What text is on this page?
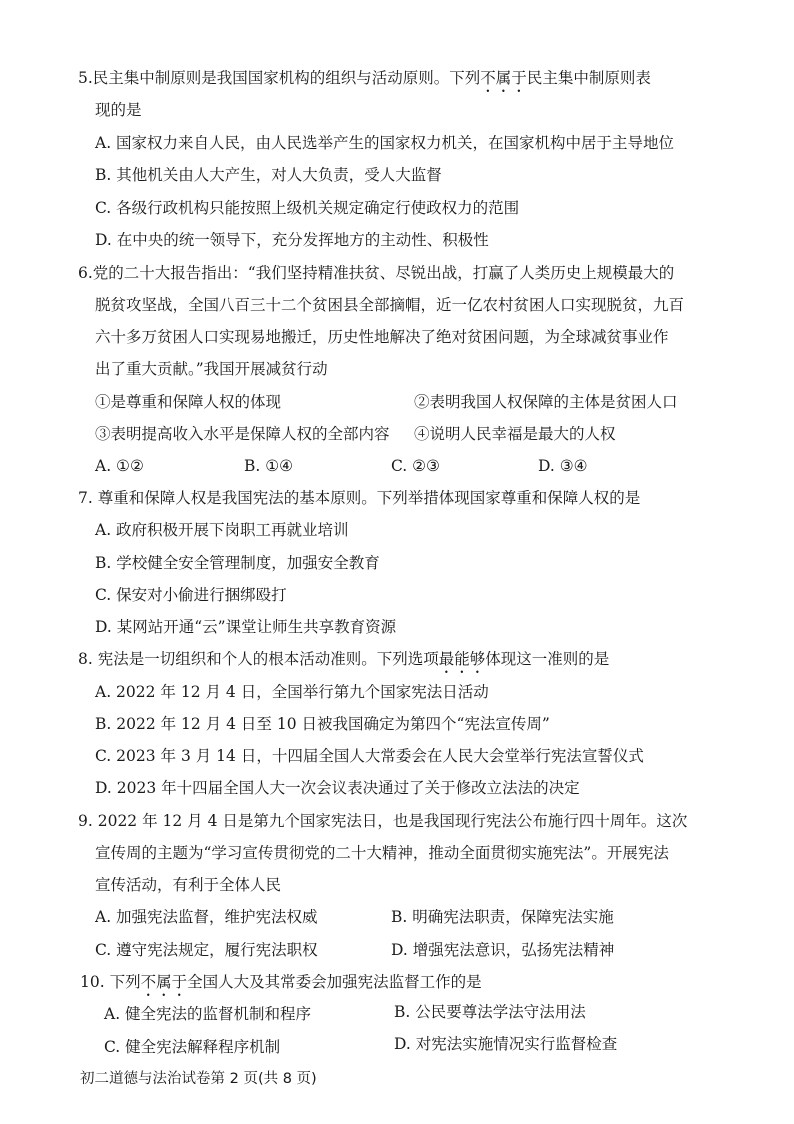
5.民主集中制原则是我国国家机构的组织与活动原则。下列不属于民主集中制原则表
现的是
A. 国家权力来自人民，由人民选举产生的国家权力机关，在国家机构中居于主导地位
B. 其他机关由人大产生，对人大负责，受人大监督
C. 各级行政机构只能按照上级机关规定确定行使政权力的范围
D. 在中央的统一领导下，充分发挥地方的主动性、积极性
6.党的二十大报告指出：“我们坚持精准扶贫、尽锐出战，打赢了人类历史上规模最大的
脱贫攻坚战，全国八百三十二个贫困县全部摘帽，近一亿农村贫困人口实现脱贫，九百
六十多万贫困人口实现易地搬迁，历史性地解决了绝对贫困问题，为全球减贫事业作
出了重大贡献。”我国开展减贫行动
①是尊重和保障人权的体现	②表明我国人权保障的主体是贫困人口
③表明提高收入水平是保障人权的全部内容 ④说明人民幸福是最大的人权
A. ①②	B. ①④	C. ②③	D. ③④
7. 尊重和保障人权是我国宪法的基本原则。下列举措体现国家尊重和保障人权的是
A. 政府积极开展下岗职工再就业培训
B. 学校健全安全管理制度，加强安全教育
C. 保安对小偷进行捆绑殴打
D. 某网站开通“云”课堂让师生共享教育资源
8. 宪法是一切组织和个人的根本活动准则。下列选项最能够体现这一准则的是
A. 2022 年 12 月 4 日，全国举行第九个国家宪法日活动
B. 2022 年 12 月 4 日至 10 日被我国确定为第四个“宪法宣传周”
C. 2023 年 3 月 14 日，十四届全国人大常委会在人民大会堂举行宪法宣誓仪式
D. 2023 年十四届全国人大一次会议表决通过了关于修改立法法的决定
9. 2022 年 12 月 4 日是第九个国家宪法日，也是我国现行宪法公布施行四十周年。这次
宣传周的主题为“学习宣传贯彻党的二十大精神，推动全面贯彻实施宪法”。开展宪法
宣传活动，有利于全体人民
A. 加强宪法监督，维护宪法权威	B. 明确宪法职责，保障宪法实施
C. 遵守宪法规定，履行宪法职权	D. 增强宪法意识，弘扬宪法精神
10. 下列不属于全国人大及其常委会加强宪法监督工作的是
A. 健全宪法的监督机制和程序	B. 公民要尊法学法守法用法
C. 健全宪法解释程序机制	D. 对宪法实施情况实行监督检查
初二道德与法治试卷第 2 页(共 8 页)
